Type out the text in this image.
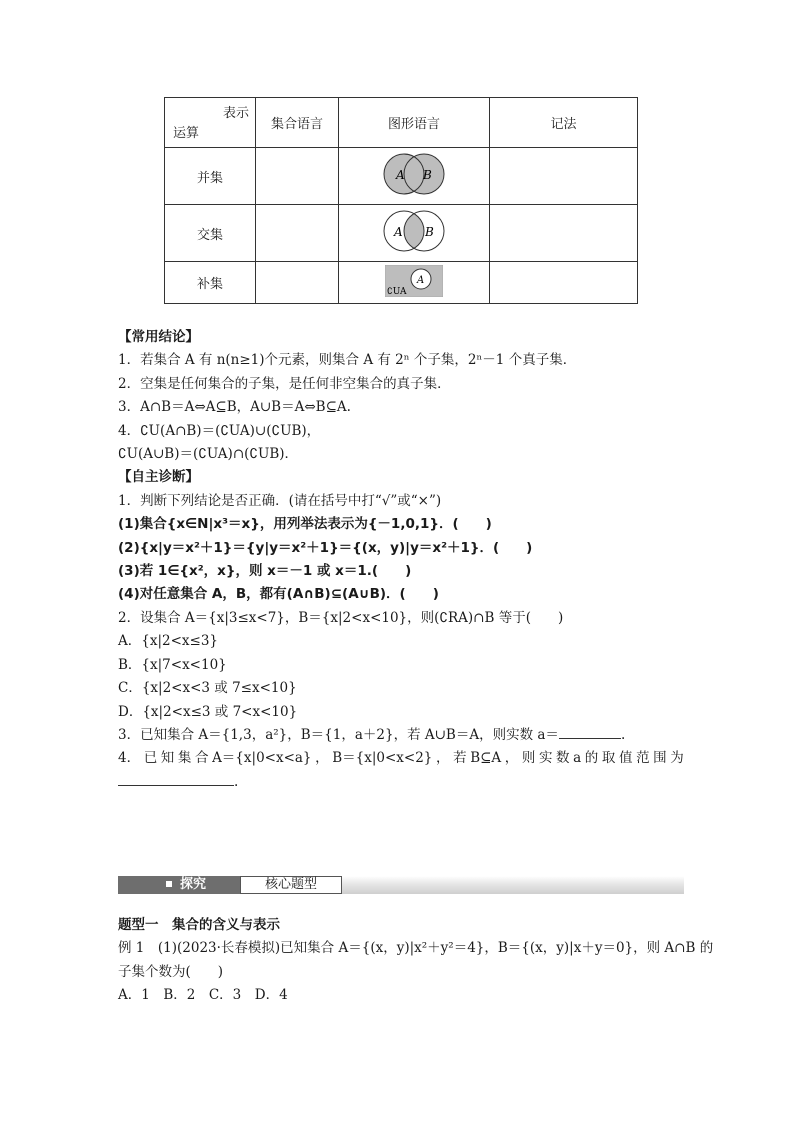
表示
运算	集合语言	图形语言	记法
并集		A B	

交集		A B	

补集		A
∁UA	

【常用结论】
1．若集合 A 有 n(n≥1)个元素，则集合 A 有 2ⁿ 个子集，2ⁿ－1 个真子集．
2．空集是任何集合的子集，是任何非空集合的真子集．
3．A∩B＝A⇔A⊆B，A∪B＝A⇔B⊆A.
4．∁U(A∩B)＝(∁UA)∪(∁UB)，
∁U(A∪B)＝(∁UA)∩(∁UB)．
【自主诊断】
1．判断下列结论是否正确．(请在括号中打“√”或“×”)
(1)集合{x∈N|x³＝x}，用列举法表示为{－1,0,1}．(　　)
(2){x|y＝x²＋1}＝{y|y＝x²＋1}＝{(x，y)|y＝x²＋1}．(　　)
(3)若 1∈{x²，x}，则 x＝－1 或 x＝1.(　　)
(4)对任意集合 A，B，都有(A∩B)⊆(A∪B)．(　　)
2．设集合 A＝{x|3≤x<7}，B＝{x|2<x<10}，则(∁RA)∩B 等于(　　)
A．{x|2<x≤3}
B．{x|7<x<10}
C．{x|2<x<3 或 7≤x<10}
D．{x|2<x≤3 或 7<x<10}
3．已知集合 A＝{1,3，a²}，B＝{1，a＋2}，若 A∪B＝A，则实数 a＝	.
4． 已 知 集 合 A＝{x|0<x<a} ， B＝{x|0<x<2} ， 若 B⊆A ， 则 实 数 a 的 取 值 范 围 为
.
探究	核心题型
题型一　集合的含义与表示
例 1　(1)(2023·长春模拟)已知集合 A＝{(x，y)|x²＋y²＝4}，B＝{(x，y)|x＋y＝0}，则 A∩B 的
子集个数为(　　)
A．1　B．2　C．3　D．4
